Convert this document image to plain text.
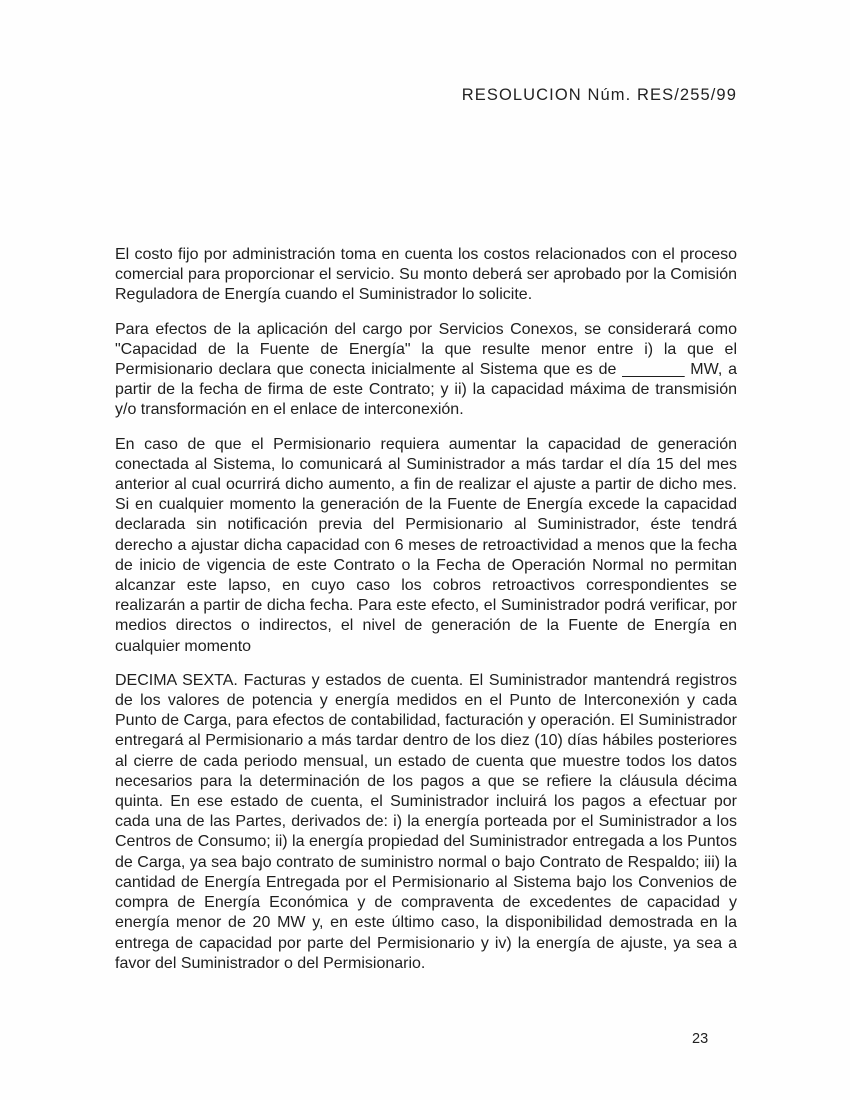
RESOLUCION Núm. RES/255/99

El costo fijo por administración toma en cuenta los costos relacionados con el proceso comercial para proporcionar el servicio. Su monto deberá ser aprobado por la Comisión Reguladora de Energía cuando el Suministrador lo solicite.

Para efectos de la aplicación del cargo por Servicios Conexos, se considerará como "Capacidad de la Fuente de Energía" la que resulte menor entre i) la que el Permisionario declara que conecta inicialmente al Sistema que es de _______ MW, a partir de la fecha de firma de este Contrato; y ii) la capacidad máxima de transmisión y/o transformación en el enlace de interconexión.

En caso de que el Permisionario requiera aumentar la capacidad de generación conectada al Sistema, lo comunicará al Suministrador a más tardar el día 15 del mes anterior al cual ocurrirá dicho aumento, a fin de realizar el ajuste a partir de dicho mes. Si en cualquier momento la generación de la Fuente de Energía excede la capacidad declarada sin notificación previa del Permisionario al Suministrador, éste tendrá derecho a ajustar dicha capacidad con 6 meses de retroactividad a menos que la fecha de inicio de vigencia de este Contrato o la Fecha de Operación Normal no permitan alcanzar este lapso, en cuyo caso los cobros retroactivos correspondientes se realizarán a partir de dicha fecha. Para este efecto, el Suministrador podrá verificar, por medios directos o indirectos, el nivel de generación de la Fuente de Energía en cualquier momento

DECIMA SEXTA. Facturas y estados de cuenta. El Suministrador mantendrá registros de los valores de potencia y energía medidos en el Punto de Interconexión y cada Punto de Carga, para efectos de contabilidad, facturación y operación. El Suministrador entregará al Permisionario a más tardar dentro de los diez (10) días hábiles posteriores al cierre de cada periodo mensual, un estado de cuenta que muestre todos los datos necesarios para la determinación de los pagos a que se refiere la cláusula décima quinta. En ese estado de cuenta, el Suministrador incluirá los pagos a efectuar por cada una de las Partes, derivados de: i) la energía porteada por el Suministrador a los Centros de Consumo; ii) la energía propiedad del Suministrador entregada a los Puntos de Carga, ya sea bajo contrato de suministro normal o bajo Contrato de Respaldo; iii) la cantidad de Energía Entregada por el Permisionario al Sistema bajo los Convenios de compra de Energía Económica y de compraventa de excedentes de capacidad y energía menor de 20 MW y, en este último caso, la disponibilidad demostrada en la entrega de capacidad por parte del Permisionario y iv) la energía de ajuste, ya sea a favor del Suministrador o del Permisionario.

23
